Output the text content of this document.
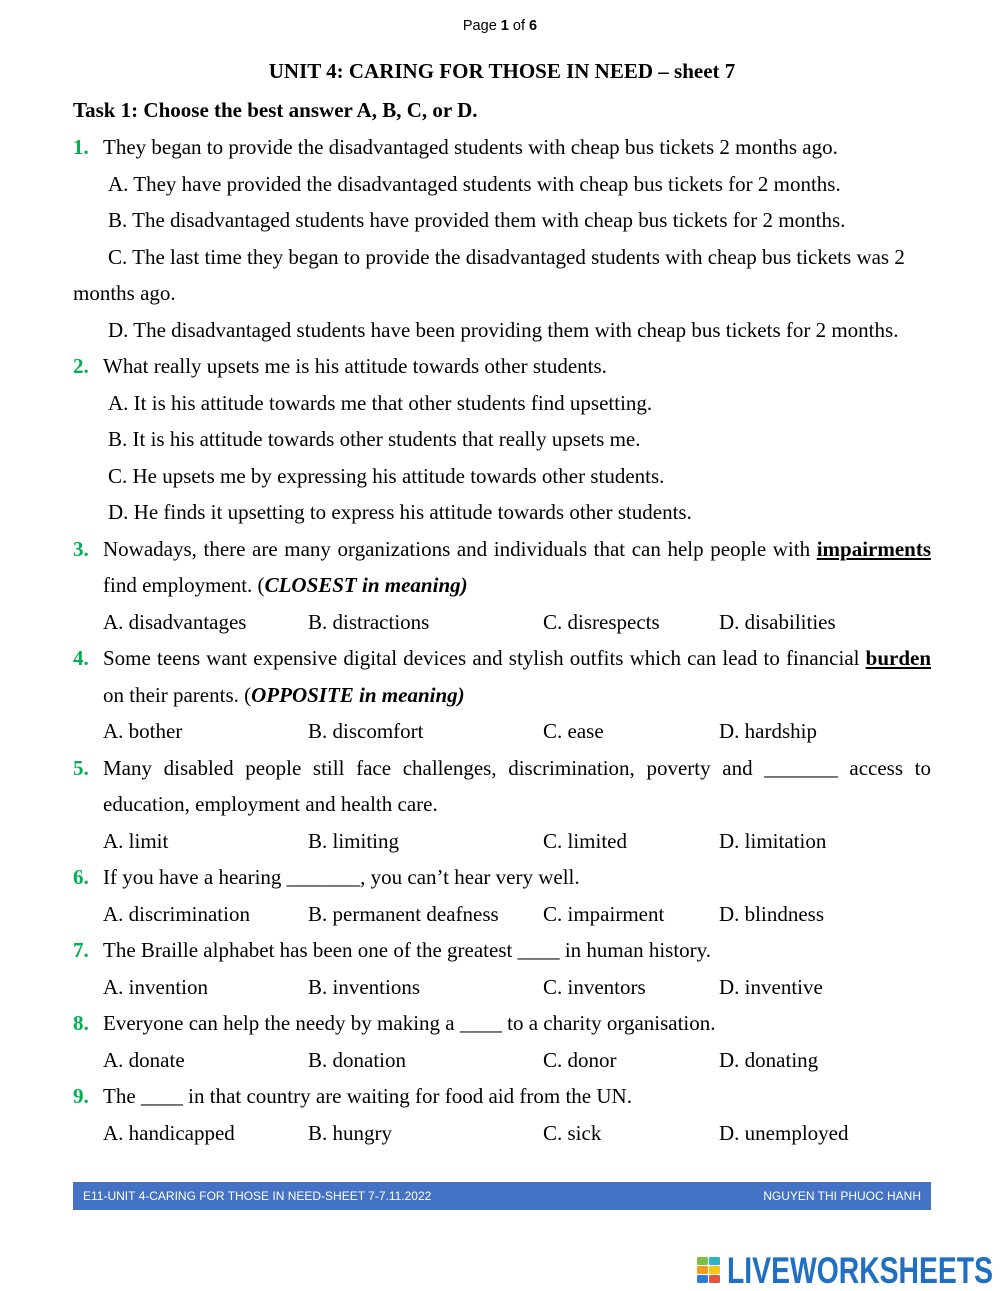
Page 1 of 6
UNIT 4: CARING FOR THOSE IN NEED – sheet 7
Task 1: Choose the best answer A, B, C, or D.

1. They began to provide the disadvantaged students with cheap bus tickets 2 months ago.

A. They have provided the disadvantaged students with cheap bus tickets for 2 months.

B. The disadvantaged students have provided them with cheap bus tickets for 2 months.

C. The last time they began to provide the disadvantaged students with cheap bus tickets was 2 months ago.

D. The disadvantaged students have been providing them with cheap bus tickets for 2 months.

2. What really upsets me is his attitude towards other students.

A. It is his attitude towards me that other students find upsetting.

B. It is his attitude towards other students that really upsets me.

C. He upsets me by expressing his attitude towards other students.

D. He finds it upsetting to express his attitude towards other students.

3. Nowadays, there are many organizations and individuals that can help people with impairments find employment. (CLOSEST in meaning)

A. disadvantages	B. distractions	C. disrespects	D. disabilities

4. Some teens want expensive digital devices and stylish outfits which can lead to financial burden on their parents. (OPPOSITE in meaning)

A. bother	B. discomfort	C. ease	D. hardship

5. Many disabled people still face challenges, discrimination, poverty and _______ access to education, employment and health care.

A. limit	B. limiting	C. limited	D. limitation

6. If you have a hearing _______, you can’t hear very well.

A. discrimination	B. permanent deafness	C. impairment	D. blindness

7. The Braille alphabet has been one of the greatest ____ in human history.

A. invention	B. inventions	C. inventors	D. inventive

8. Everyone can help the needy by making a ____ to a charity organisation.

A. donate	B. donation	C. donor	D. donating

9. The ____ in that country are waiting for food aid from the UN.

A. handicapped	B. hungry	C. sick	D. unemployed
E11-UNIT 4-CARING FOR THOSE IN NEED-SHEET 7-7.11.2022	NGUYEN THI PHUOC HANH
LIVEWORKSHEETS
